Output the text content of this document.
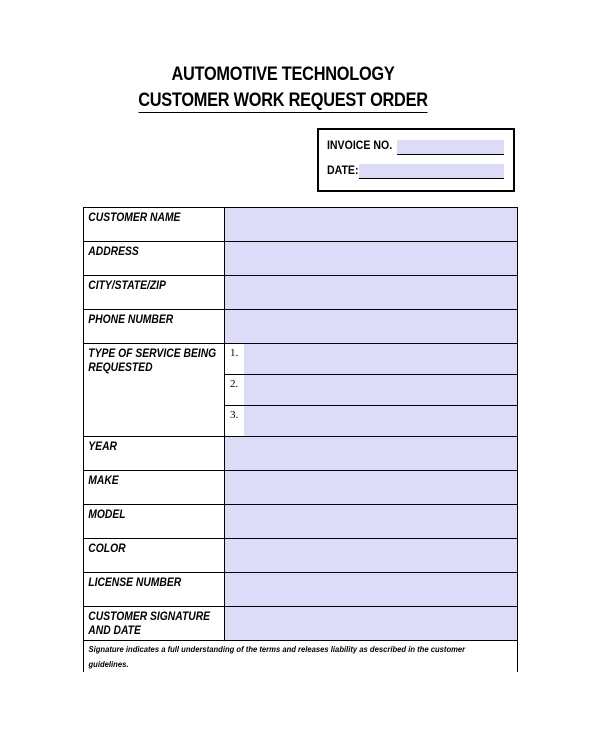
AUTOMOTIVE TECHNOLOGY
CUSTOMER WORK REQUEST ORDER
INVOICE NO.
DATE:
CUSTOMER NAME	

ADDRESS	

CITY/STATE/ZIP	

PHONE NUMBER	

TYPE OF SERVICE BEING
REQUESTED	1.

	2.

	3.

YEAR	

MAKE	

MODEL	

COLOR	

LICENSE NUMBER	

CUSTOMER SIGNATURE
AND DATE	

Signature indicates a full understanding of the terms and releases liability as described in the customer
guidelines.	
